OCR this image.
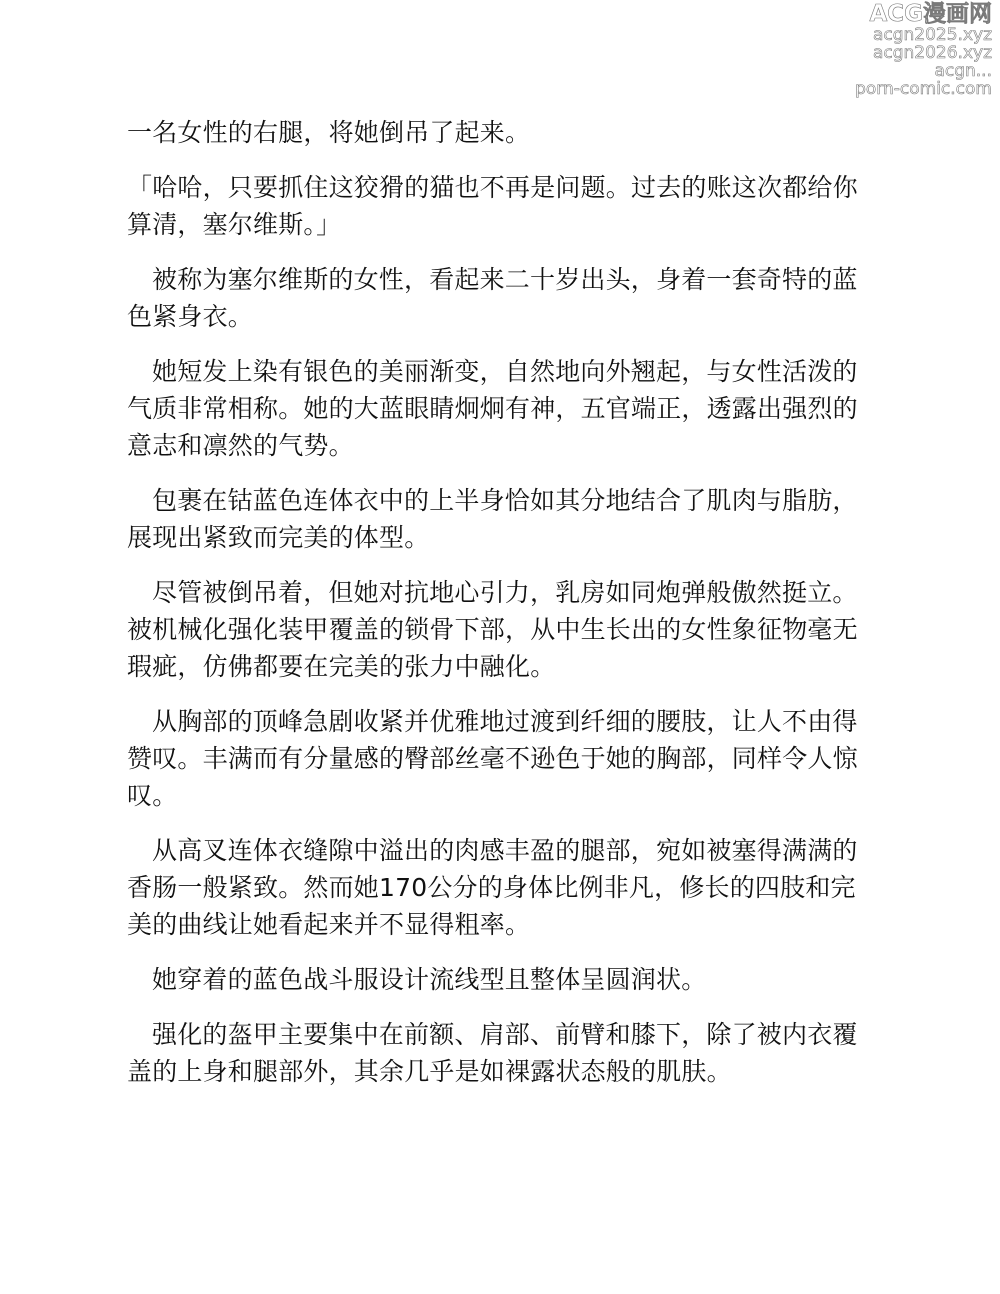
ACG漫画网
acgn2025.xyz
acgn2026.xyz
acgn...
porn-comic.com

一名女性的右腿，将她倒吊了起来。

「哈哈，只要抓住这狡猾的猫也不再是问题。过去的账这次都给你算清，塞尔维斯。」

被称为塞尔维斯的女性，看起来二十岁出头，身着一套奇特的蓝色紧身衣。

她短发上染有银色的美丽渐变，自然地向外翘起，与女性活泼的气质非常相称。她的大蓝眼睛炯炯有神，五官端正，透露出强烈的意志和凛然的气势。

包裹在钴蓝色连体衣中的上半身恰如其分地结合了肌肉与脂肪，展现出紧致而完美的体型。

尽管被倒吊着，但她对抗地心引力，乳房如同炮弹般傲然挺立。被机械化强化装甲覆盖的锁骨下部，从中生长出的女性象征物毫无瑕疵，仿佛都要在完美的张力中融化。

从胸部的顶峰急剧收紧并优雅地过渡到纤细的腰肢，让人不由得赞叹。丰满而有分量感的臀部丝毫不逊色于她的胸部，同样令人惊叹。

从高叉连体衣缝隙中溢出的肉感丰盈的腿部，宛如被塞得满满的香肠一般紧致。然而她170公分的身体比例非凡，修长的四肢和完美的曲线让她看起来并不显得粗率。

她穿着的蓝色战斗服设计流线型且整体呈圆润状。

强化的盔甲主要集中在前额、肩部、前臂和膝下，除了被内衣覆盖的上身和腿部外，其余几乎是如裸露状态般的肌肤。
